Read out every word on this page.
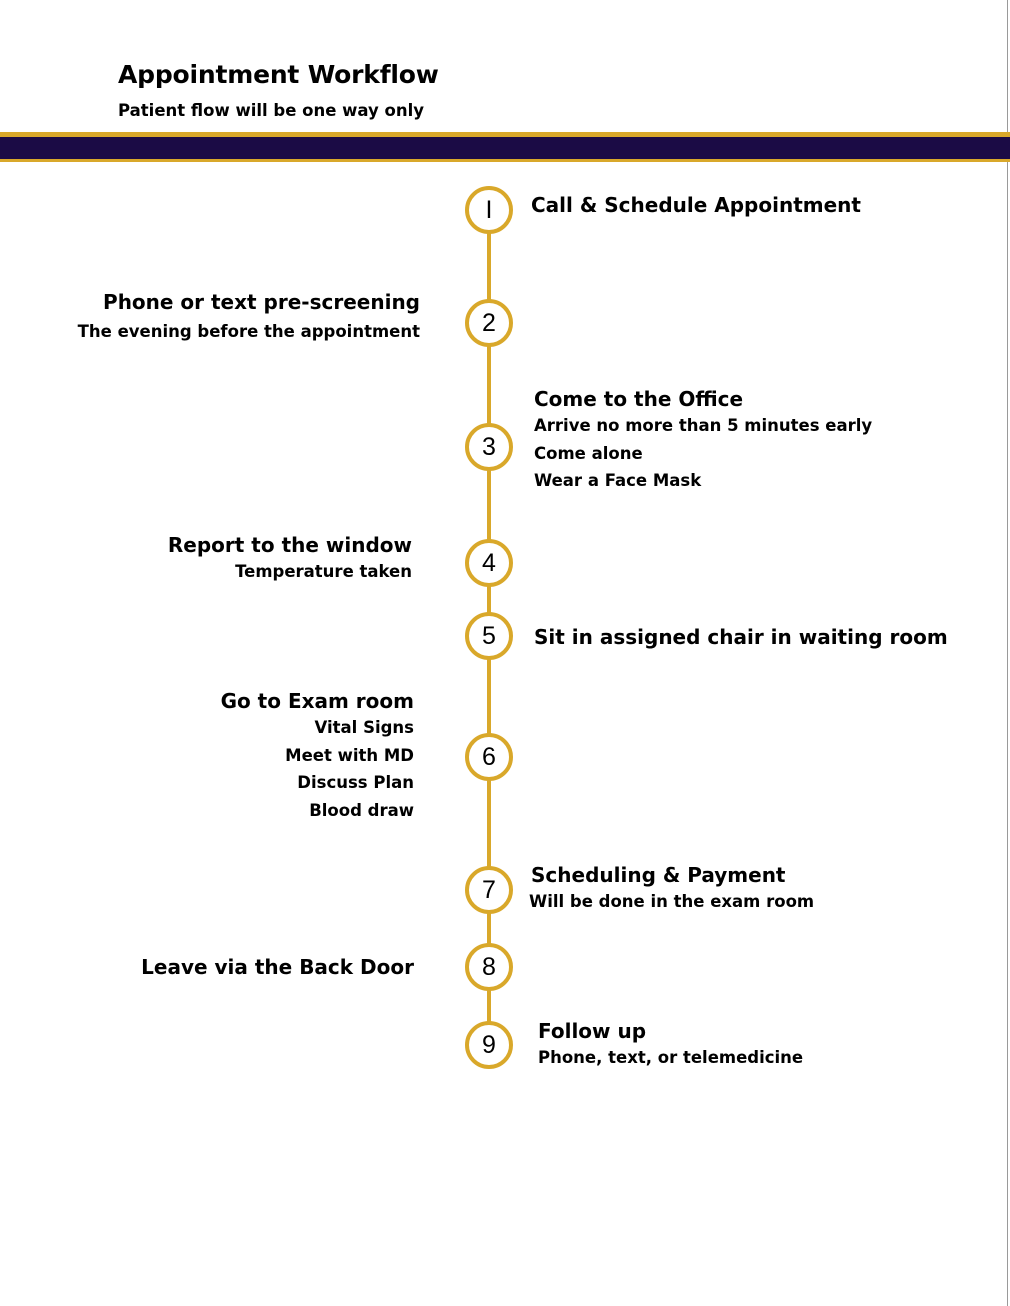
Appointment Workflow

Patient flow will be one way only

I	Call & Schedule Appointment
2
Phone or text pre-screening
The evening before the appointment
3
Come to the Office
Arrive no more than 5 minutes early
Come alone
Wear a Face Mask
4
Report to the window
Temperature taken
5	Sit in assigned chair in waiting room
6
Go to Exam room
Vital Signs
Meet with MD
Discuss Plan
Blood draw
7
Scheduling & Payment
Will be done in the exam room
8
Leave via the Back Door
9	Follow up
Phone, text, or telemedicine
